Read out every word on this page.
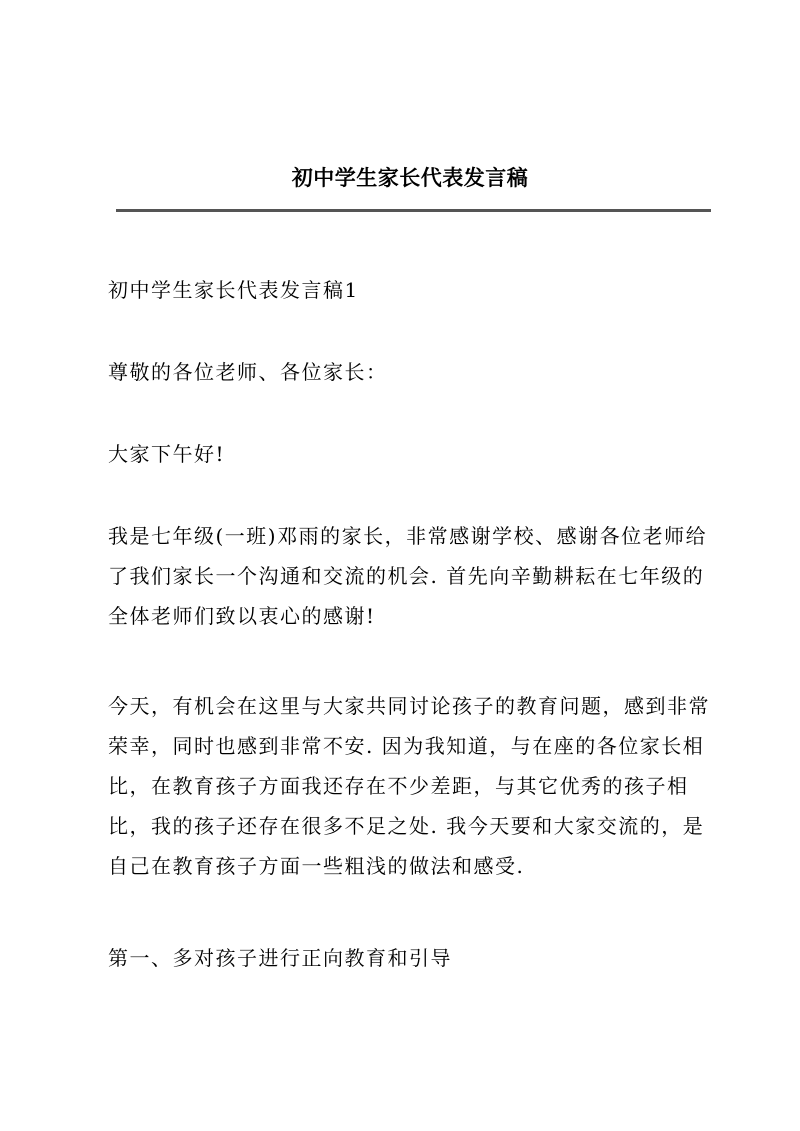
初中学生家长代表发言稿
初中学生家长代表发言稿1
尊敬的各位老师、各位家长：
大家下午好!
我是七年级(一班)邓雨的家长，非常感谢学校、感谢各位老师给
了我们家长一个沟通和交流的机会. 首先向辛勤耕耘在七年级的
全体老师们致以衷心的感谢!
今天，有机会在这里与大家共同讨论孩子的教育问题，感到非常
荣幸，同时也感到非常不安. 因为我知道，与在座的各位家长相
比，在教育孩子方面我还存在不少差距，与其它优秀的孩子相
比，我的孩子还存在很多不足之处. 我今天要和大家交流的，是
自己在教育孩子方面一些粗浅的做法和感受.
第一、多对孩子进行正向教育和引导
